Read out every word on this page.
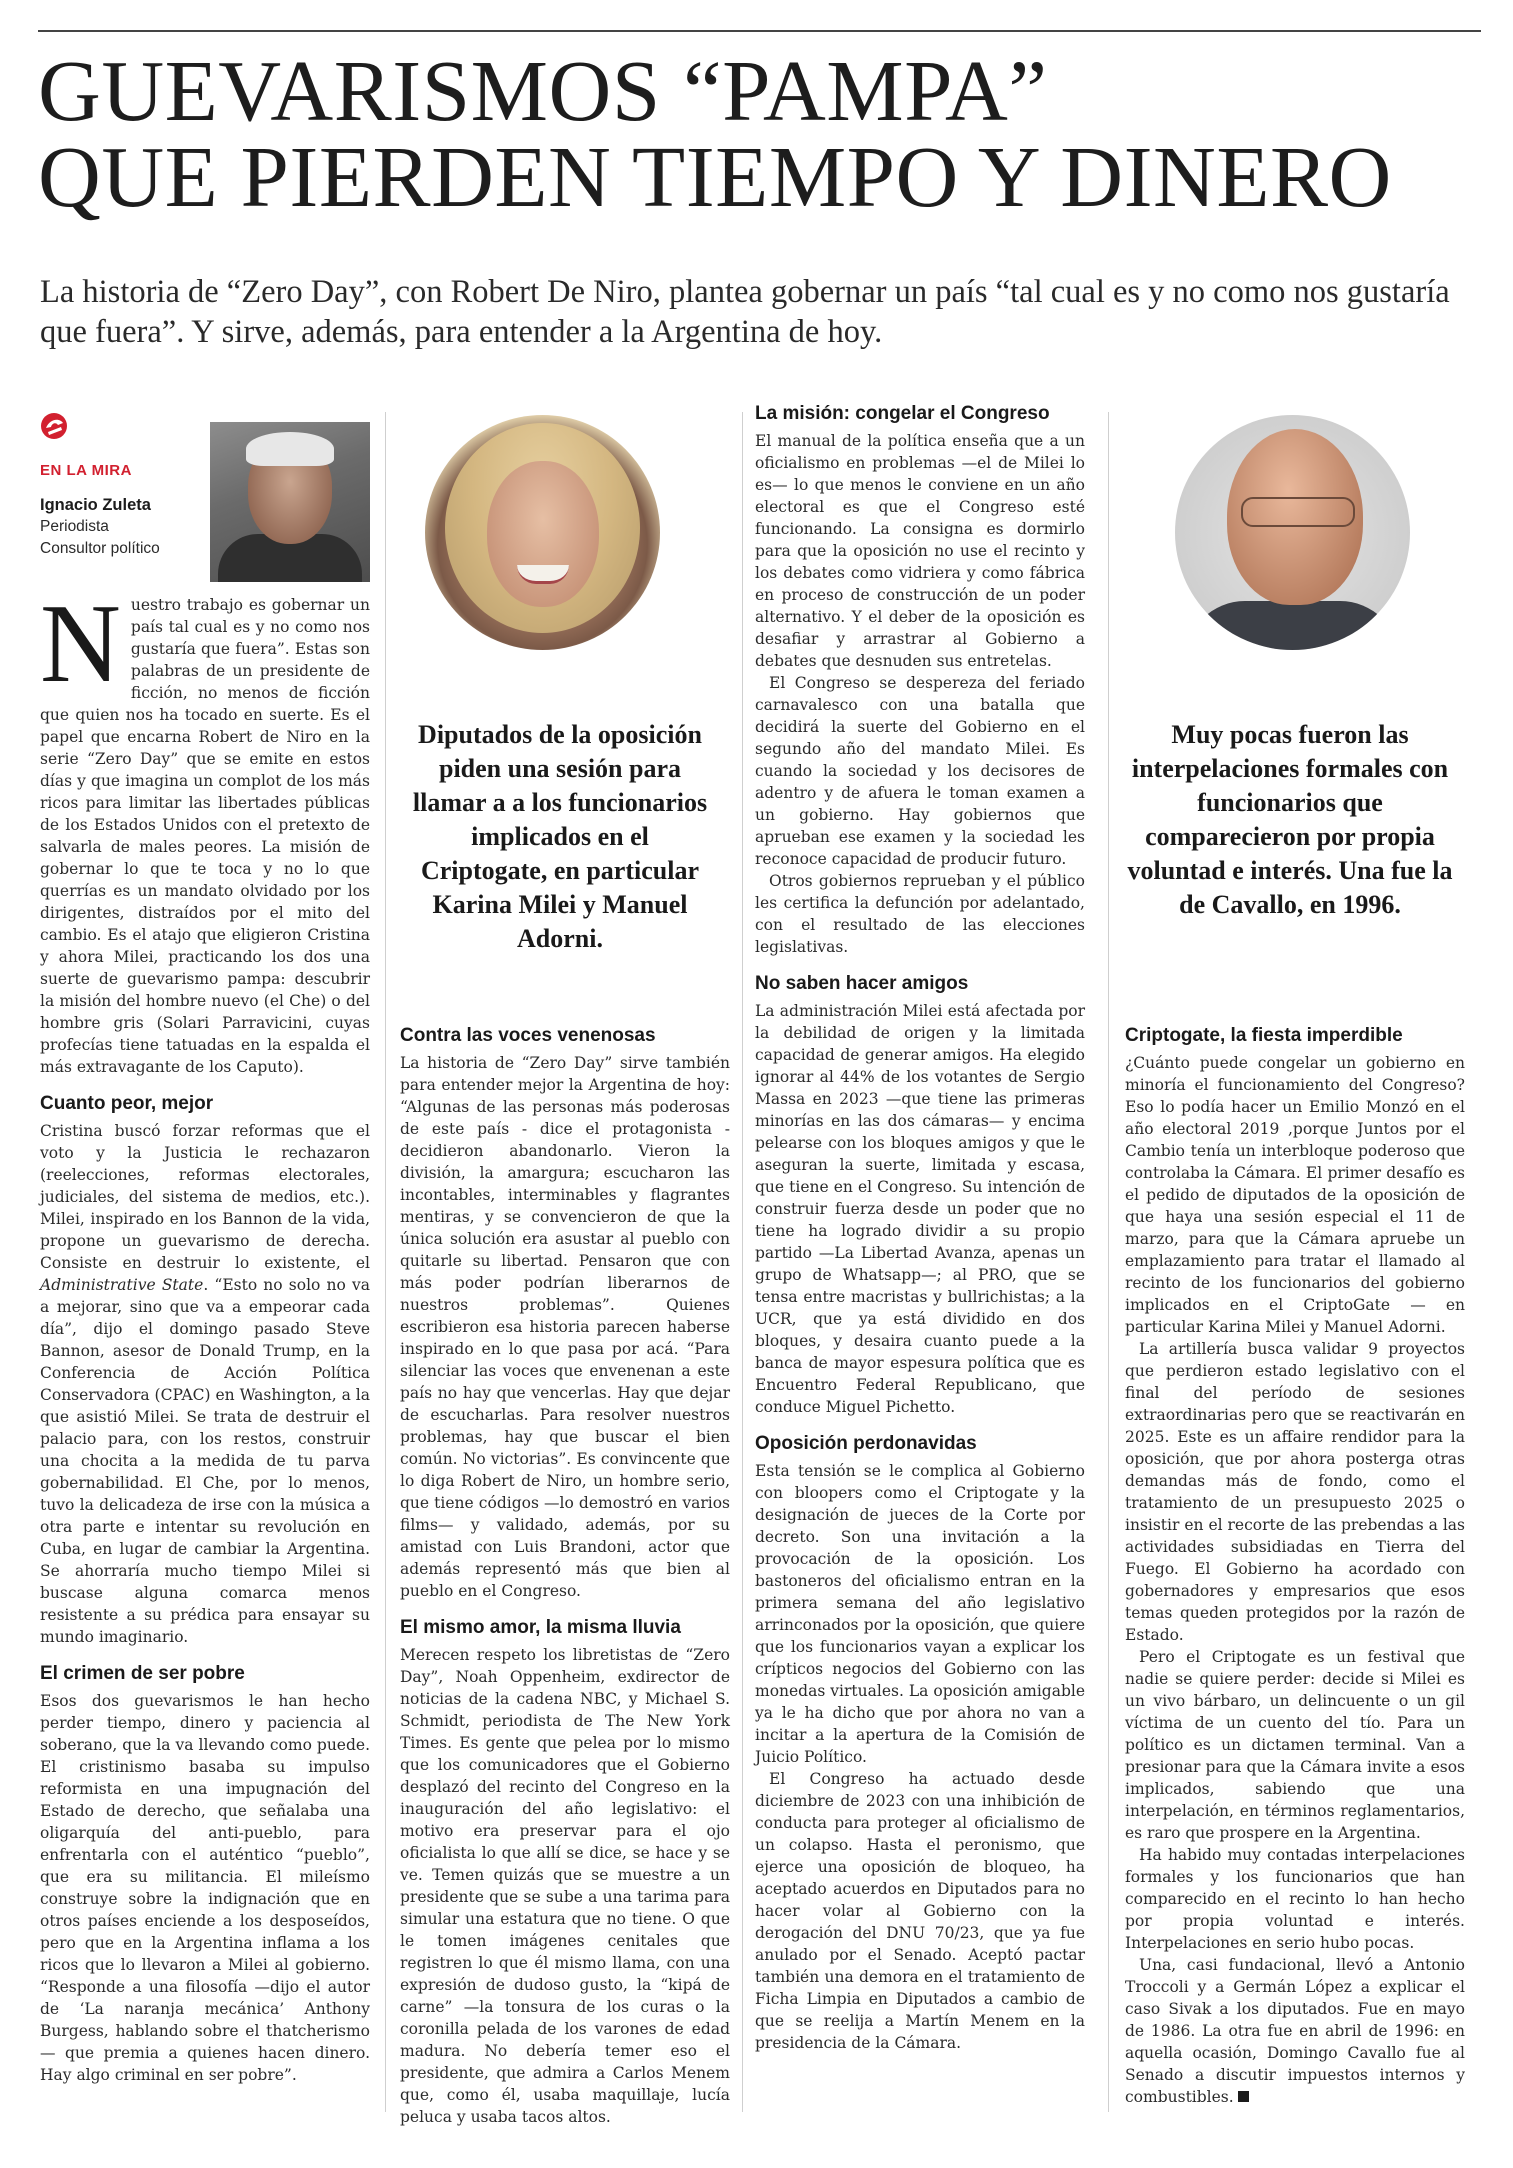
GUEVARISMOS “PAMPA”
QUE PIERDEN TIEMPO Y DINERO

La historia de “Zero Day”, con Robert De Niro, plantea gobernar un país “tal cual es y no como nos gustaría que fuera”. Y sirve, además, para entender a la Argentina de hoy.

EN LA MIRA
Ignacio Zuleta
Periodista
Consultor político

Nuestro trabajo es gobernar un país tal cual es y no como nos gustaría que fuera”. Estas son palabras de un presidente de ficción, no menos de ficción que quien nos ha tocado en suerte. Es el papel que encarna Robert de Niro en la serie “Zero Day” que se emite en estos días y que imagina un complot de los más ricos para limitar las libertades públicas de los Estados Unidos con el pretexto de salvarla de males peores. La misión de gobernar lo que te toca y no lo que querrías es un mandato olvidado por los dirigentes, distraídos por el mito del cambio. Es el atajo que eligieron Cristina y ahora Milei, practicando los dos una suerte de guevarismo pampa: descubrir la misión del hombre nuevo (el Che) o del hombre gris (Solari Parravicini, cuyas profecías tiene tatuadas en la espalda el más extravagante de los Caputo).

Cuanto peor, mejor

Cristina buscó forzar reformas que el voto y la Justicia le rechazaron (reelecciones, reformas electorales, judiciales, del sistema de medios, etc.). Milei, inspirado en los Bannon de la vida, propone un guevarismo de derecha. Consiste en destruir lo existente, el Administrative State. “Esto no solo no va a mejorar, sino que va a empeorar cada día”, dijo el domingo pasado Steve Bannon, asesor de Donald Trump, en la Conferencia de Acción Política Conservadora (CPAC) en Washington, a la que asistió Milei. Se trata de destruir el palacio para, con los restos, construir una chocita a la medida de tu parva gobernabilidad. El Che, por lo menos, tuvo la delicadeza de irse con la música a otra parte e intentar su revolución en Cuba, en lugar de cambiar la Argentina. Se ahorraría mucho tiempo Milei si buscase alguna comarca menos resistente a su prédica para ensayar su mundo imaginario.

El crimen de ser pobre

Esos dos guevarismos le han hecho perder tiempo, dinero y paciencia al soberano, que la va llevando como puede. El cristinismo basaba su impulso reformista en una impugnación del Estado de derecho, que señalaba una oligarquía del anti-pueblo, para enfrentarla con el auténtico “pueblo”, que era su militancia. El mileísmo construye sobre la indignación que en otros países enciende a los desposeídos, pero que en la Argentina inflama a los ricos que lo llevaron a Milei al gobierno. “Responde a una filosofía —dijo el autor de ‘La naranja mecánica’ Anthony Burgess, hablando sobre el thatcherismo— que premia a quienes hacen dinero. Hay algo criminal en ser pobre”.

Diputados de la oposición piden una sesión para llamar a a los funcionarios implicados en el Criptogate, en particular Karina Milei y Manuel Adorni.
Contra las voces venenosas

La historia de “Zero Day” sirve también para entender mejor la Argentina de hoy: “Algunas de las personas más poderosas de este país - dice el protagonista - decidieron abandonarlo. Vieron la división, la amargura; escucharon las incontables, interminables y flagrantes mentiras, y se convencieron de que la única solución era asustar al pueblo con quitarle su libertad. Pensaron que con más poder podrían liberarnos de nuestros problemas”. Quienes escribieron esa historia parecen haberse inspirado en lo que pasa por acá. “Para silenciar las voces que envenenan a este país no hay que vencerlas. Hay que dejar de escucharlas. Para resolver nuestros problemas, hay que buscar el bien común. No victorias”. Es convincente que lo diga Robert de Niro, un hombre serio, que tiene códigos —lo demostró en varios films— y validado, además, por su amistad con Luis Brandoni, actor que además representó más que bien al pueblo en el Congreso.

El mismo amor, la misma lluvia

Merecen respeto los libretistas de “Zero Day”, Noah Oppenheim, exdirector de noticias de la cadena NBC, y Michael S. Schmidt, periodista de The New York Times. Es gente que pelea por lo mismo que los comunicadores que el Gobierno desplazó del recinto del Congreso en la inauguración del año legislativo: el motivo era preservar para el ojo oficialista lo que allí se dice, se hace y se ve. Temen quizás que se muestre a un presidente que se sube a una tarima para simular una estatura que no tiene. O que le tomen imágenes cenitales que registren lo que él mismo llama, con una expresión de dudoso gusto, la “kipá de carne” —la tonsura de los curas o la coronilla pelada de los varones de edad madura. No debería temer eso el presidente, que admira a Carlos Menem que, como él, usaba maquillaje, lucía peluca y usaba tacos altos.

La misión: congelar el Congreso

El manual de la política enseña que a un oficialismo en problemas —el de Milei lo es— lo que menos le conviene en un año electoral es que el Congreso esté funcionando. La consigna es dormirlo para que la oposición no use el recinto y los debates como vidriera y como fábrica en proceso de construcción de un poder alternativo. Y el deber de la oposición es desafiar y arrastrar al Gobierno a debates que desnuden sus entretelas.

El Congreso se despereza del feriado carnavalesco con una batalla que decidirá la suerte del Gobierno en el segundo año del mandato Milei. Es cuando la sociedad y los decisores de adentro y de afuera le toman examen a un gobierno. Hay gobiernos que aprueban ese examen y la sociedad les reconoce capacidad de producir futuro.

Otros gobiernos reprueban y el público les certifica la defunción por adelantado, con el resultado de las elecciones legislativas.

No saben hacer amigos

La administración Milei está afectada por la debilidad de origen y la limitada capacidad de generar amigos. Ha elegido ignorar al 44% de los votantes de Sergio Massa en 2023 —que tiene las primeras minorías en las dos cámaras— y encima pelearse con los bloques amigos y que le aseguran la suerte, limitada y escasa, que tiene en el Congreso. Su intención de construir fuerza desde un poder que no tiene ha logrado dividir a su propio partido —La Libertad Avanza, apenas un grupo de Whatsapp—; al PRO, que se tensa entre macristas y bullrichistas; a la UCR, que ya está dividido en dos bloques, y desaira cuanto puede a la banca de mayor espesura política que es Encuentro Federal Republicano, que conduce Miguel Pichetto.

Oposición perdonavidas

Esta tensión se le complica al Gobierno con bloopers como el Criptogate y la designación de jueces de la Corte por decreto. Son una invitación a la provocación de la oposición. Los bastoneros del oficialismo entran en la primera semana del año legislativo arrinconados por la oposición, que quiere que los funcionarios vayan a explicar los crípticos negocios del Gobierno con las monedas virtuales. La oposición amigable ya le ha dicho que por ahora no van a incitar a la apertura de la Comisión de Juicio Político.

El Congreso ha actuado desde diciembre de 2023 con una inhibición de conducta para proteger al oficialismo de un colapso. Hasta el peronismo, que ejerce una oposición de bloqueo, ha aceptado acuerdos en Diputados para no hacer volar al Gobierno con la derogación del DNU 70/23, que ya fue anulado por el Senado. Aceptó pactar también una demora en el tratamiento de Ficha Limpia en Diputados a cambio de que se reelija a Martín Menem en la presidencia de la Cámara.

Muy pocas fueron las interpelaciones formales con funcionarios que comparecieron por propia voluntad e interés. Una fue la de Cavallo, en 1996.
Criptogate, la fiesta imperdible

¿Cuánto puede congelar un gobierno en minoría el funcionamiento del Congreso? Eso lo podía hacer un Emilio Monzó en el año electoral 2019 ,porque Juntos por el Cambio tenía un interbloque poderoso que controlaba la Cámara. El primer desafío es el pedido de diputados de la oposición de que haya una sesión especial el 11 de marzo, para que la Cámara apruebe un emplazamiento para tratar el llamado al recinto de los funcionarios del gobierno implicados en el CriptoGate — en particular Karina Milei y Manuel Adorni.

La artillería busca validar 9 proyectos que perdieron estado legislativo con el final del período de sesiones extraordinarias pero que se reactivarán en 2025. Este es un affaire rendidor para la oposición, que por ahora posterga otras demandas más de fondo, como el tratamiento de un presupuesto 2025 o insistir en el recorte de las prebendas a las actividades subsidiadas en Tierra del Fuego. El Gobierno ha acordado con gobernadores y empresarios que esos temas queden protegidos por la razón de Estado.

Pero el Criptogate es un festival que nadie se quiere perder: decide si Milei es un vivo bárbaro, un delincuente o un gil víctima de un cuento del tío. Para un político es un dictamen terminal. Van a presionar para que la Cámara invite a esos implicados, sabiendo que una interpelación, en términos reglamentarios, es raro que prospere en la Argentina.

Ha habido muy contadas interpelaciones formales y los funcionarios que han comparecido en el recinto lo han hecho por propia voluntad e interés. Interpelaciones en serio hubo pocas.

Una, casi fundacional, llevó a Antonio Troccoli y a Germán López a explicar el caso Sivak a los diputados. Fue en mayo de 1986. La otra fue en abril de 1996: en aquella ocasión, Domingo Cavallo fue al Senado a discutir impuestos internos y combustibles.
